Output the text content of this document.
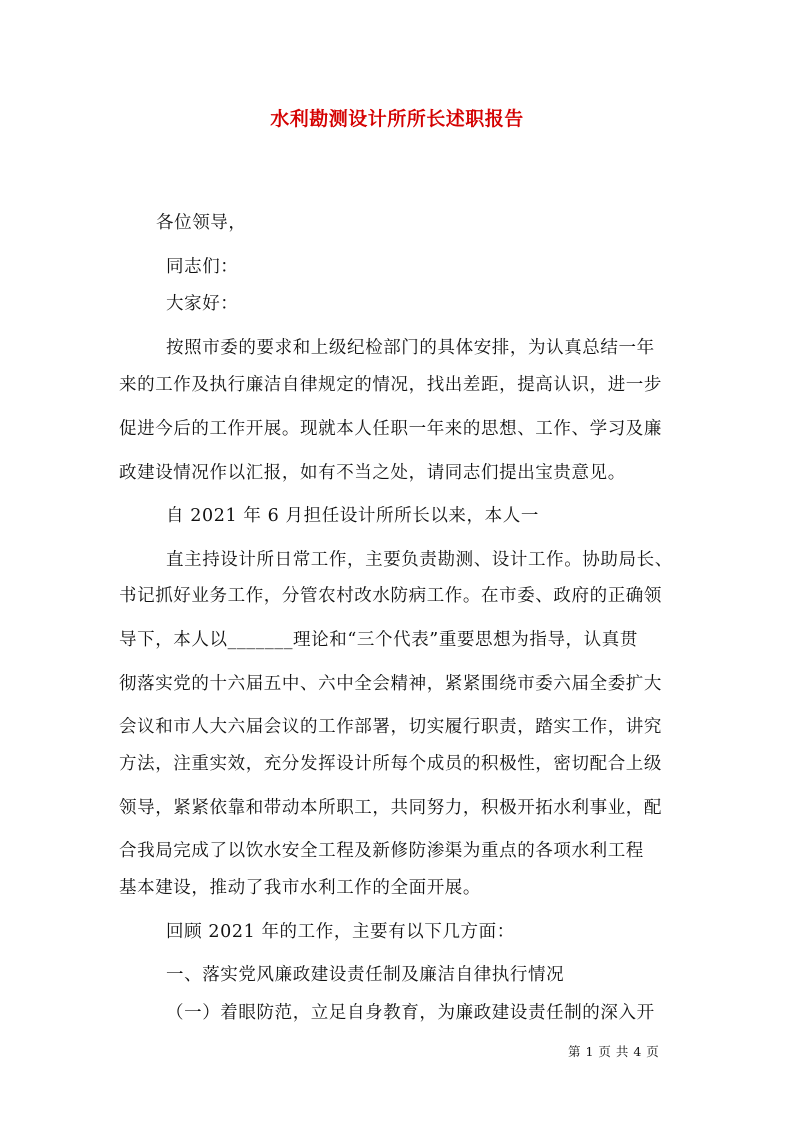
水利勘测设计所所长述职报告
各位领导，
同志们：
大家好：
按照市委的要求和上级纪检部门的具体安排，为认真总结一年
来的工作及执行廉洁自律规定的情况，找出差距，提高认识，进一步
促进今后的工作开展。现就本人任职一年来的思想、工作、学习及廉
政建设情况作以汇报，如有不当之处，请同志们提出宝贵意见。
自 2021 年 6 月担任设计所所长以来，本人一
直主持设计所日常工作，主要负责勘测、设计工作。协助局长、
书记抓好业务工作，分管农村改水防病工作。在市委、政府的正确领
导下，本人以_______理论和“三个代表”重要思想为指导，认真贯
彻落实党的十六届五中、六中全会精神，紧紧围绕市委六届全委扩大
会议和市人大六届会议的工作部署，切实履行职责，踏实工作，讲究
方法，注重实效，充分发挥设计所每个成员的积极性，密切配合上级
领导，紧紧依靠和带动本所职工，共同努力，积极开拓水利事业，配
合我局完成了以饮水安全工程及新修防渗渠为重点的各项水利工程
基本建设，推动了我市水利工作的全面开展。
回顾 2021 年的工作，主要有以下几方面：
一、落实党风廉政建设责任制及廉洁自律执行情况
（一）着眼防范，立足自身教育，为廉政建设责任制的深入开
第 1 页 共 4 页
